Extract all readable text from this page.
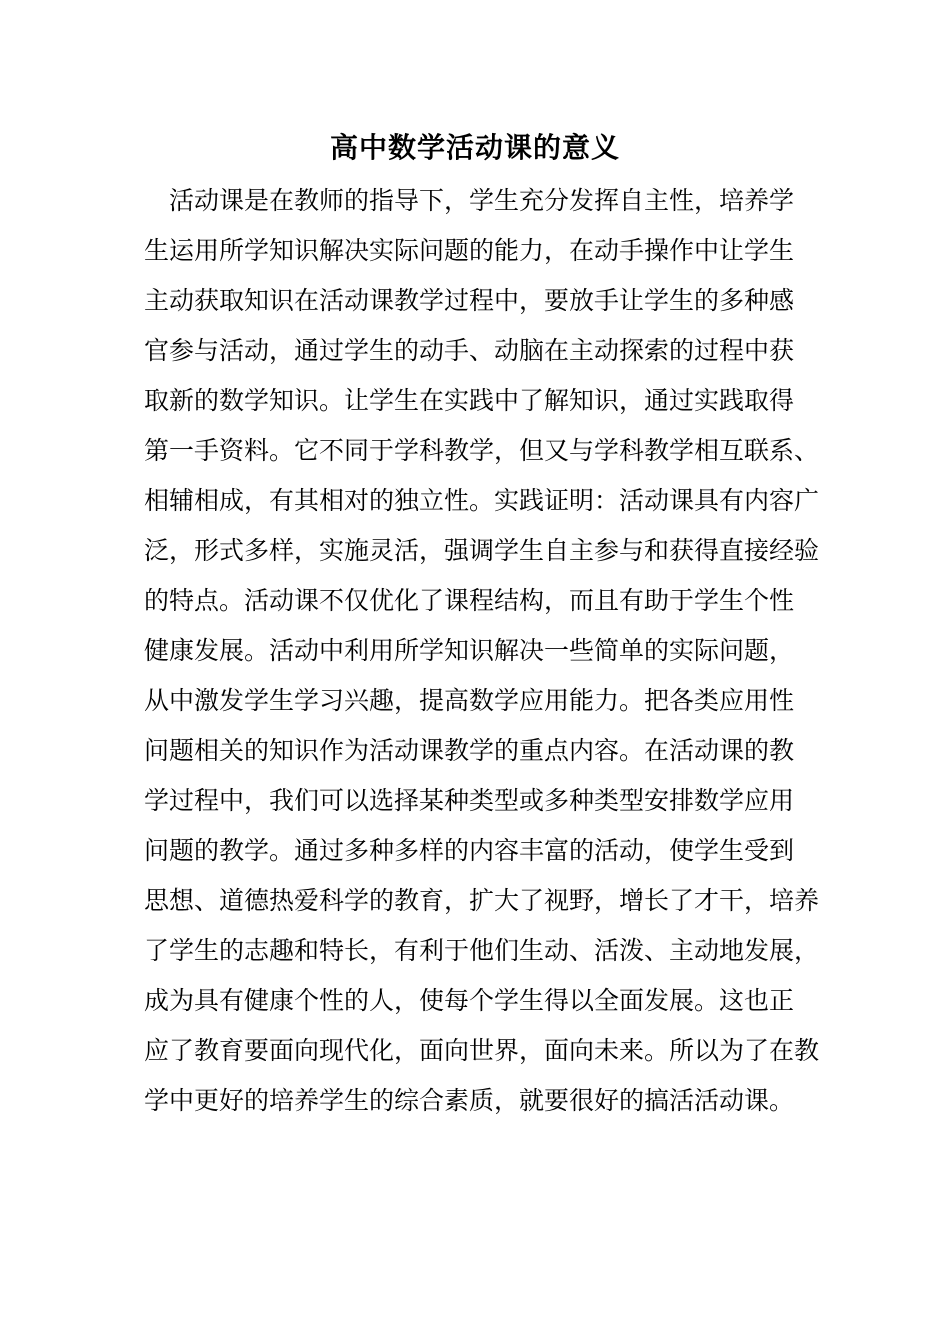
高中数学活动课的意义
　活动课是在教师的指导下，学生充分发挥自主性，培养学
生运用所学知识解决实际问题的能力，在动手操作中让学生
主动获取知识在活动课教学过程中，要放手让学生的多种感
官参与活动，通过学生的动手、动脑在主动探索的过程中获
取新的数学知识。让学生在实践中了解知识，通过实践取得
第一手资料。它不同于学科教学，但又与学科教学相互联系、
相辅相成，有其相对的独立性。实践证明：活动课具有内容广
泛，形式多样，实施灵活，强调学生自主参与和获得直接经验
的特点。活动课不仅优化了课程结构，而且有助于学生个性
健康发展。活动中利用所学知识解决一些简单的实际问题，
从中激发学生学习兴趣，提高数学应用能力。把各类应用性
问题相关的知识作为活动课教学的重点内容。在活动课的教
学过程中，我们可以选择某种类型或多种类型安排数学应用
问题的教学。通过多种多样的内容丰富的活动，使学生受到
思想、道德热爱科学的教育，扩大了视野，增长了才干，培养
了学生的志趣和特长，有利于他们生动、活泼、主动地发展，
成为具有健康个性的人，使每个学生得以全面发展。这也正
应了教育要面向现代化，面向世界，面向未来。所以为了在教
学中更好的培养学生的综合素质，就要很好的搞活活动课。
